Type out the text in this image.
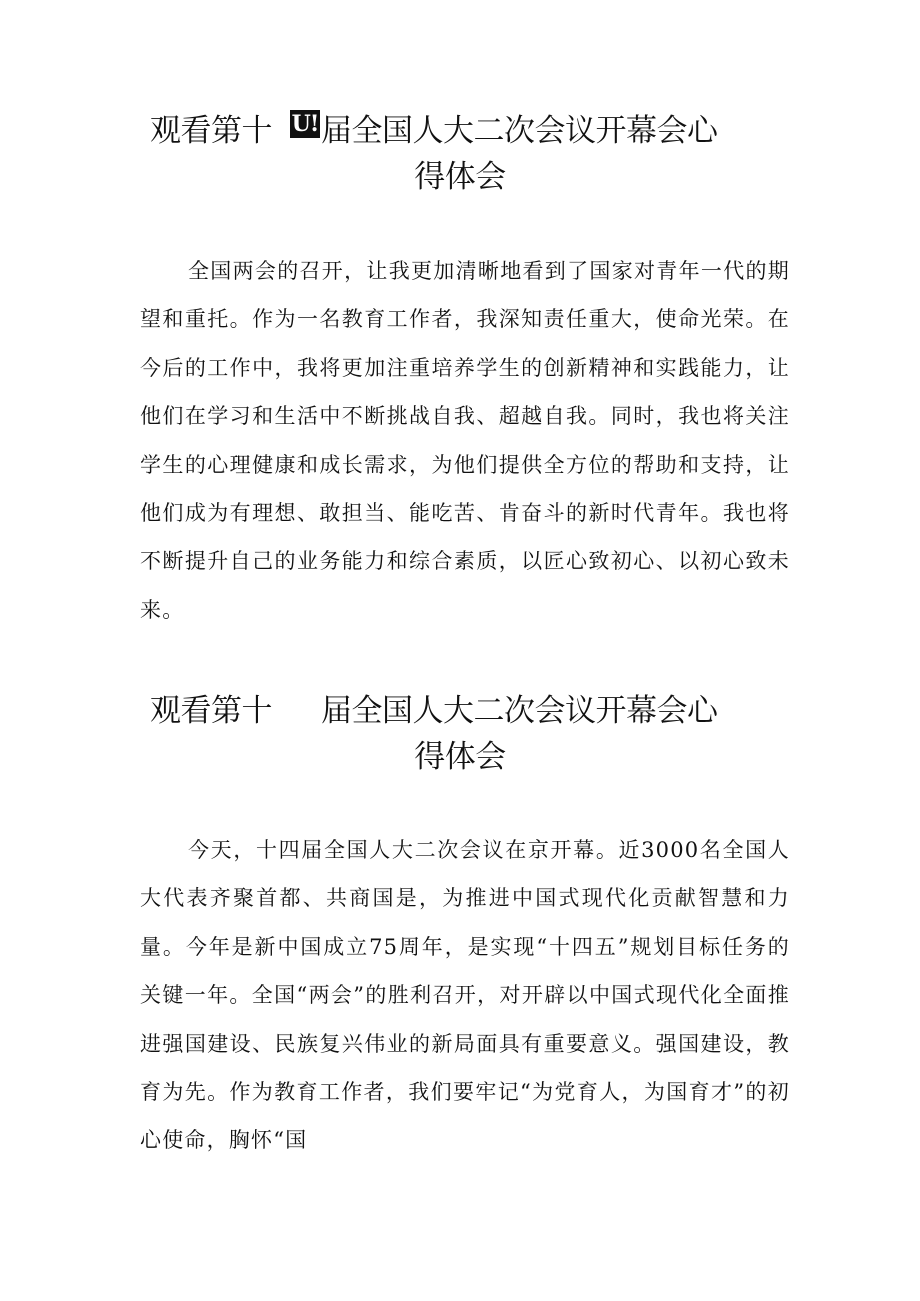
观看第十 U! 届全国人大二次会议开幕会心
得体会

全国两会的召开，让我更加清晰地看到了国家对青年一代的期望和重托。作为一名教育工作者，我深知责任重大，使命光荣。在今后的工作中，我将更加注重培养学生的创新精神和实践能力，让他们在学习和生活中不断挑战自我、超越自我。同时，我也将关注学生的心理健康和成长需求，为他们提供全方位的帮助和支持，让他们成为有理想、敢担当、能吃苦、肯奋斗的新时代青年。我也将不断提升自己的业务能力和综合素质，以匠心致初心、以初心致未来。

观看第十 届全国人大二次会议开幕会心
得体会

今天，十四届全国人大二次会议在京开幕。近3000名全国人大代表齐聚首都、共商国是，为推进中国式现代化贡献智慧和力量。今年是新中国成立75周年，是实现“十四五”规划目标任务的关键一年。全国“两会”的胜利召开，对开辟以中国式现代化全面推进强国建设、民族复兴伟业的新局面具有重要意义。强国建设，教育为先。作为教育工作者，我们要牢记“为党育人，为国育才”的初心使命，胸怀“国
